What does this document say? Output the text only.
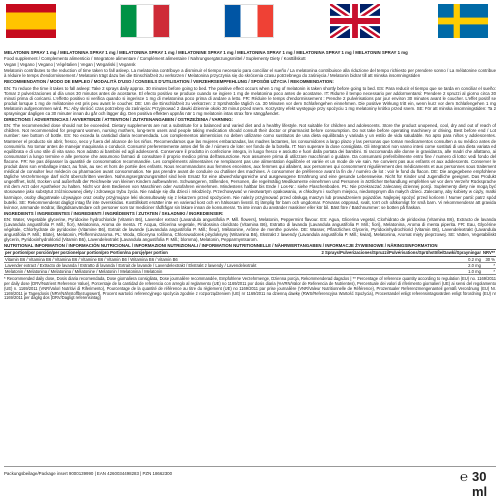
MELATONIN SPRAY 1 mg / MELATONINA SPRAY 1 mg / MELATONINA SPRAY 1 mg / MELATONINE SPRAY 1 mg / MELATONINA SPRAY 1 mg / MELATONINA SPRAY 1 mg / MELATONIN SPRAY 1 mg

Food supplement / Complemento alimenticio / Integratore alimentare / Complément alimentaire / Nahrungsergänzungsmittel / Suplementy Diety / Kosttillskott

Vegan | Vegano | Vegano | Végétalien | Vegan | Wegański | Vegansk

Melatonin contributes to the reduction of time taken to fall asleep. La melatonina contribuye a disminuir el tiempo necesario para conciliar el sueño / La melatonina contribuisce alla riduzione del tempo richiesto per prendere sonno / La mélatonine contribue à réduire le temps d'endormissement / Melatonin trägt dazu bei die Einschlafzeit zu verkürzen / Melatonina przyczynia się do skrócenia czasu potrzebnego do zaśnięcia / Melatonin bidrar till att minska insomningstiden

RECOMMENDATION / MODO DE EMPLEO / MODALITÀ D'USO / CONSEILS D'UTILISATION / VERZEHRSEMPFEHLUNG / SPOSÓB UŻYCIA / REKOMMENDATION:

EN: To reduce the time it takes to fall asleep: Take 2 sprays daily approx. 30 minutes before going to bed. The positive effect occurs when 1 mg of melatonin is taken shortly before going to bed. ES: Para reducir el tiempo que se tarda en conciliar el sueño: Tomar 2 pulverizaciones al día unos 30 minutos antes de acostarse. El efecto positivo se produce cuando se ingiere 1 mg de melatonina poco antes de acostarse. IT: Ridurre il tempo necessario per addormentarsi: Prendere 2 spruzzi al giorno circa 30 minuti prima di coricarsi. L'effetto positivo si verifica quando si ingerisce 1 mg di melatonina poco prima di andare a letto. FR: Réduire le temps d'endormissement : Prendre 2 pulvérisations par jour environ 30 minutes avant le coucher. L'effet positif se produit lorsque 1 mg de mélatonine est pris peu avant le coucher. DE: Um die Einschlafzeit zu verkürzen: 2 Sprühstöße täglich ca. 30 Minuten vor dem Schlafengehen einnehmen. Die positive Wirkung tritt ein, wenn kurz vor dem Schlafengehen 1 mg Melatonin aufgenommen wird. PL: Aby skrócić czas potrzebny do zaśnięcia: Przyjmować 2 dawki dziennie około 30 minut przed snem. Korzystny efekt występuje przy spożyciu 1 mg melatoniny krótko przed snem. SE: För att minska insomningstiden: Ta 2 sprayningar dagligen ca 30 minuter innan du går och lägger dig. Den positiva effekten uppnås när 1 mg melatonin intas strax före sänggåendet.

DIRECTIONS / ADVERTENCIAS / AVVERTENZE / ATTENTION / ZUTATENANGABEN / OSTRZEŻENIA / VARNING:

EN: The recommended dose should not be exceeded. Dietary supplements are not a substitute for a balanced and varied diet and a healthy lifestyle. Not suitable for children and adolescents. Store the product unopened, cool, dry and out of reach of children. Not recommended for pregnant women, nursing mothers, long-term users and people taking medication should consult their doctor or pharmacist before consumption. Do not take before operating machinery or driving. Best before end / Lot number: see bottom of bottle. ES: No exceda la cantidad diaria recomendada. Los complementos alimenticios no deben utilizarse como sustitutos de una dieta equilibrada y variada y un estilo de vida saludable. No apto para niños y adolescentes. Mantener el producto sin abrir, fresco, seco y fuera del alcance de los niños. Recomendamos que las mujeres embarazadas, las madres lactantes, los consumidores a largo plazo y las personas que toman medicamentos consulten a su médico antes de consumirlo. No tomar antes de manejar maquinaria o conducir. Consumir preferentemente antes del fin de / número de lote: ver fondo de la botella. IT: Non superare la dose consigliata. Gli integratori non vanno intesi come sostituti di una dieta variata ed equilibrata e di uno stile di vita sano. Non adatto ai bambini ed agli adolescenti. Conservare il prodotto in confezione integra, in luogo fresco e asciutto e fuori dalla portata dei bambini. Si raccomanda alle donne in gravidanza, alle madri che allattano, ai consumatori a lungo termine e alle persone che assumono farmaci di consultare il proprio medico prima dell'assunzione. Non assumere prima di utilizzare macchinari o guidare. Da consumarsi preferibilmente entro fine / numero di lotto: vedi fondo del flacone. FR: Ne pas dépasser la quantité de consommation recommandée. Les compléments alimentaires ne remplacent pas une alimentation équilibrée et variée et un mode de vie sain. Ne convient pas aux enfants et aux adolescents. Conserver le produit dans son emballage intact, au frais, au sec et hors de portée des enfants. Nous recommandons aux femmes enceintes, aux femmes qui allaitent, aux personnes qui consomment régulièrement des médicaments et aux personnes sous traitement médical de consulter leur médecin ou pharmacien avant consommation. Ne pas prendre avant de conduire ou d'utiliser des machines. À consommer de préférence avant la fin de / numéro de lot : voir le fond du flacon. DE: Die angegebene empfohlene tägliche Verzehrmenge darf nicht überschritten werden. Nahrungsergänzungsmittel sind kein Ersatz für eine abwechslungsreiche und ausgewogene Ernährung und eine gesunde Lebensweise. Nicht für Kinder und Jugendliche geeignet. Das Produkt ungeöffnet, kühl, trocken und außerhalb der Reichweite von kleinen Kindern aufbewahren. Schwangeren, Stillenden, Personen, die regelmäßig Medikamente einnehmen und Personen in ärztlicher Behandlung empfehlen wir vor dem Verzehr Rücksprache mit dem Arzt oder Apotheker zu halten. Nicht vor dem Bedienen von Maschinen oder Autofahren einnehmen. Mindestens haltbar bis Ende / Los-Nr.: siehe Flaschenboden. PL: Nie przekraczać zalecanej dziennej porcji. Suplementy diety nie mogą być stosowane jako substytut zróżnicowanej diety i zdrowego trybu życia. Nie nadaje się dla dzieci i młodzieży. Przechowywać w nieotwartym opakowaniu, w chłodnym i suchym miejscu, niedostępnym dla małych dzieci. Zalecamy, aby kobiety w ciąży, matki karmiące, osoby długotrwale używające oraz osoby przyjmujące leki skonsultowały się z lekarzem przed spożyciem. Nie należy przyjmować przed obsługą maszyn lub prowadzeniem pojazdów. Najlepiej spożyć przed końcem / Numer partii: patrz spód butelki. SE: Rekommenderat dagligt intag får inte överskridas. Kosttillskott ersätter inte en varierad kost och en hälsosam livsstil. Ej lämplig för barn och ungdomar. Förvaras oöppnad, svalt, torrt och oåtkomligt för små barn. Vi rekommenderar att gravida kvinnor, ammande mödrar, långtidsanvändare och personer som tar mediciner rådfrågar sin läkare innan de konsumerar. Ta inte innan du använder maskiner eller kör bil. Bäst före / Batchnummer: se botten på flaskan.

INGREDIENTS / INGREDIENTES / INGREDIENTI / INGRÉDIENTS / ZUTATEN / SKŁADNIKI / INGREDIENSER:

EN: Water, Vegetable glycerine, Pyridoxine hydrochloride (Vitamin B6), Lavender extract (Lavandula angustifolia P. Mill. flowers), Melatonin, Peppermint flavour. ES: Agua, Glicerina vegetal, Clorhidrato de piridoxina (Vitamina B6), Extracto de lavanda (Lavandula angustifolia P. Mill.; flor), Melatonina, Aroma de menta. IT: Acqua, Glicerina vegetale, Piridossina cloridrato (Vitamina B6), Estratto di lavanda (Lavandula angustifolia P. Mill.; fiori), Melatonina, Aroma di menta piperita. FR: Eau, Glycérine végétale, Chlorhydrate de pyridoxine (Vitamine B6), Extrait de lavande (Lavandula angustifolia P. Mill.; fleur), Mélatonine, Arôme de menthe poivrée. DE: Wasser, Pflanzliches Glycerin, Pyridoxinhydrochlorid (Vitamin B6), Lavendelextrakt (Lavandula angustifolia P. Mill.; Blüte), Melatonin, Pfefferminzaroma. PL: Woda, Gliceryna roślinna, Chlorowodorek pirydoksyny (Witamina B6), Ekstrakt z lawendy (Lavandula angustifolia P. Mill.; kwiat), Melatonina, Aromat mięty pieprzowej. SE: Vatten, Vegetabiliskt glycerin, Pyridoxinhydroklorid (Vitamin B6), Lavendelextrakt (Lavandula angustifolia P. Mill.; blomma), Melatonin, Pepparmyntsarom.

NUTRITIONAL INFORMATION / INFORMACIÓN NUTRICIONAL / INFORMAZIONI NUTRIZIONALI / INFORMATION NUTRITIONNELLE / NÄHRWERTANGABEN / INFORMACJE ŻYWIENIOWE / NÄRINGSINFORMATION

per portion/por porción/per porzione/par portion/pro Portion/na porcję/per portion	2 Sprays/Pulverizaciones/Spruzzi/Pulvérisations/Sprühstöße/Dawki/Sprayningar	NRV**
Vitamin B6 / Vitamina B6 / Vitamina B6 / Vitamine B6 / Vitamin B6 / Witamina B6 / Vitamin B6	0.2 mg	30 %
Lavender extract / Extracto de lavanda / Estratto di lavanda / Extrait de lavande / Lavendelextrakt / Ekstrakt z lawendy / Lavendelextrakt	2.0 mg	*
Melatonin / Melatonina / Melatonina / Mélatonine / Melatonin / Melatonina / Melatonin	1.0 mg	*

* Recommended daily dose, Dosis diaria recomendada, Dose giornaliera consigliata, Dose journalière recommandée, Empfohlene Verzehrmenge, Dzienna porcja, Rekommenderad dagsdos | ** Percentage of reference quantity according to regulation (EU) no. 1169/2011 per daily dose (DRV/Nutrient Reference Value), Porcentaje de la cantidad de referencia con arreglo al reglamento (UE) no 1169/2011 por dosis diaria (%VRN/Valor de Referencia de Nutrientes), Percentuale dei valori di riferimento giornalieri (UE) ai sensi del regolamento (UE) n. 1169/2011 (VNR/Valori Nutritivi di Riferimento), Pourcentage de la quantité de référence au titre du règlement (UE) no 1169/2011 par prise journalière (VNR/Valeur Nutritionnelle de Référence), Prozentualer Referenzmengenanteil gemäß Verordnung (EU) Nr. 1169/2011 je Tagesdosis (NRV/Nährstoffbezugswert), Procent wartości referencyjnego spożycia zgodnie z rozporządzeniem (UE) nr 1169/2011 na dzienną dawkę (RWS/Referencyjna Wartość Spożycia), Procentandel enligt referensintagsvärden enligt förordning (EU) nr 1169/2011 per daglig dos (DRV/Dagligt referensintag)

Packungsbeilage/Package insert 9000139990 | EAN 4260034498283 | PZN 18662300	℮ 30 ml
